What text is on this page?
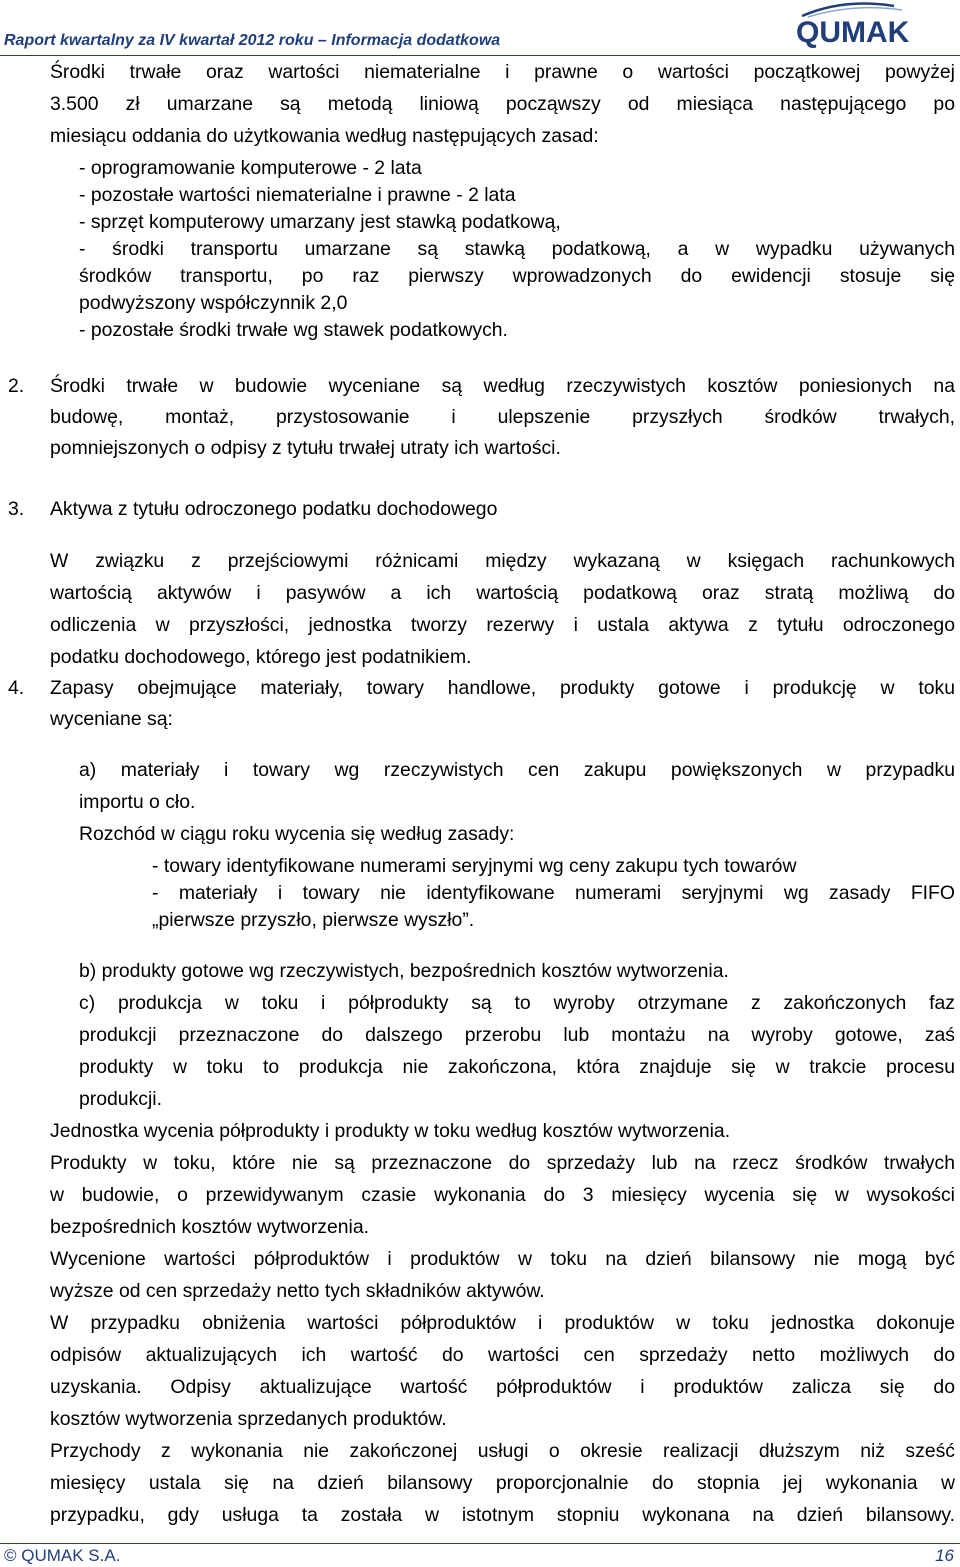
Raport kwartalny za IV kwartał 2012 roku – Informacja dodatkowa	QUMAK
Środki trwałe oraz wartości niematerialne i prawne o wartości początkowej powyżej
3.500 zł umarzane są metodą liniową począwszy od miesiąca następującego po
miesiącu oddania do użytkowania według następujących zasad:
- oprogramowanie komputerowe - 2 lata
- pozostałe wartości niematerialne i prawne - 2 lata
- sprzęt komputerowy umarzany jest stawką podatkową,
- środki transportu umarzane są stawką podatkową, a w wypadku używanych
środków transportu, po raz pierwszy wprowadzonych do ewidencji stosuje się
podwyższony współczynnik 2,0
- pozostałe środki trwałe wg stawek podatkowych.
2. Środki trwałe w budowie wyceniane są według rzeczywistych kosztów poniesionych na
budowę, montaż, przystosowanie i ulepszenie przyszłych środków trwałych,
pomniejszonych o odpisy z tytułu trwałej utraty ich wartości.
3. Aktywa z tytułu odroczonego podatku dochodowego
W związku z przejściowymi różnicami między wykazaną w księgach rachunkowych
wartością aktywów i pasywów a ich wartością podatkową oraz stratą możliwą do
odliczenia w przyszłości, jednostka tworzy rezerwy i ustala aktywa z tytułu odroczonego
podatku dochodowego, którego jest podatnikiem.
4. Zapasy obejmujące materiały, towary handlowe, produkty gotowe i produkcję w toku
wyceniane są:
a) materiały i towary wg rzeczywistych cen zakupu powiększonych w przypadku
importu o cło.
Rozchód w ciągu roku wycenia się według zasady:
- towary identyfikowane numerami seryjnymi wg ceny zakupu tych towarów
- materiały i towary nie identyfikowane numerami seryjnymi wg zasady FIFO
„pierwsze przyszło, pierwsze wyszło”.
b) produkty gotowe wg rzeczywistych, bezpośrednich kosztów wytworzenia.
c) produkcja w toku i półprodukty są to wyroby otrzymane z zakończonych faz
produkcji przeznaczone do dalszego przerobu lub montażu na wyroby gotowe, zaś
produkty w toku to produkcja nie zakończona, która znajduje się w trakcie procesu
produkcji.
Jednostka wycenia półprodukty i produkty w toku według kosztów wytworzenia.
Produkty w toku, które nie są przeznaczone do sprzedaży lub na rzecz środków trwałych
w budowie, o przewidywanym czasie wykonania do 3 miesięcy wycenia się w wysokości
bezpośrednich kosztów wytworzenia.
Wycenione wartości półproduktów i produktów w toku na dzień bilansowy nie mogą być
wyższe od cen sprzedaży netto tych składników aktywów.
W przypadku obniżenia wartości półproduktów i produktów w toku jednostka dokonuje
odpisów aktualizujących ich wartość do wartości cen sprzedaży netto możliwych do
uzyskania. Odpisy aktualizujące wartość półproduktów i produktów zalicza się do
kosztów wytworzenia sprzedanych produktów.
Przychody z wykonania nie zakończonej usługi o okresie realizacji dłuższym niż sześć
miesięcy ustala się na dzień bilansowy proporcjonalnie do stopnia jej wykonania w
przypadku, gdy usługa ta została w istotnym stopniu wykonana na dzień bilansowy.
© QUMAK S.A.	16
